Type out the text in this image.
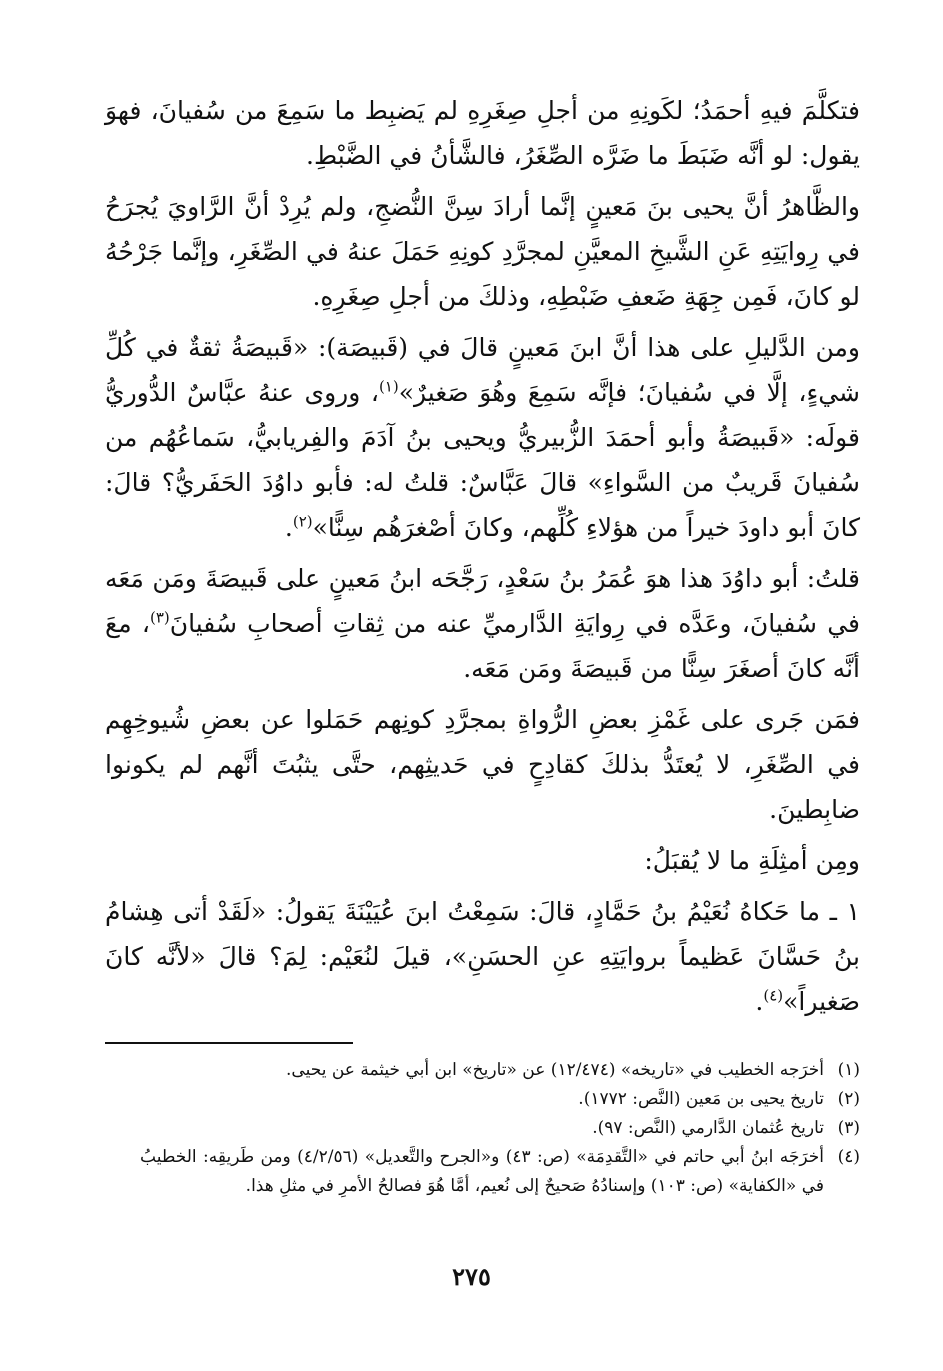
فتكلَّمَ فيهِ أحمَدُ؛ لكَونِهِ من أجلِ صِغَرِهِ لم يَضبِط ما سَمِعَ من سُفيانَ، فهوَ يقول: لو أنَّه ضَبَطَ ما ضَرَّه الصِّغَرُ، فالشَّأنُ في الضَّبْطِ.

والظَّاهرُ أنَّ يحيى بنَ مَعينٍ إنَّما أرادَ سِنَّ النُّضجِ، ولم يُرِدْ أنَّ الرَّاويَ يُجرَحُ في رِوايَتِهِ عَنِ الشَّيخِ المعيَّنِ لمجرَّدِ كونِهِ حَمَلَ عنهُ في الصِّغَرِ، وإنَّما جَرْحُهُ لو كانَ، فَمِن جِهَةِ ضَعفِ ضَبْطِهِ، وذلكَ من أجلِ صِغَرِهِ.

ومن الدَّليلِ على هذا أنَّ ابنَ مَعينٍ قالَ في (قَبيصَة): «قَبيصَةُ ثقةٌ في كُلِّ شيءٍ، إلَّا في سُفيانَ؛ فإنَّه سَمِعَ وهُوَ صَغيرٌ»$^{(١)}$، وروى عنهُ عبَّاسٌ الدُّوريُّ قولَه: «قَبيصَةُ وأبو أحمَدَ الزُّبيريُّ ويحيى بنُ آدَمَ والفِريابيُّ، سَماعُهُم من سُفيانَ قَريبٌ من السَّواءِ» قالَ عَبَّاسٌ: قلتُ له: فأبو داوُدَ الحَفَريُّ؟ قالَ: كانَ أبو داودَ خيراً من هؤلاءِ كُلِّهم، وكانَ أصْغرَهُم سِنًّا»$^{(٢)}$.

قلتُ: أبو داوُدَ هذا هوَ عُمَرُ بنُ سَعْدٍ، رَجَّحَه ابنُ مَعينٍ على قَبيصَةَ ومَن مَعَه في سُفيانَ، وعَدَّه في رِوايَةِ الدَّارميِّ عنه من ثِقاتِ أصحابِ سُفيانَ$^{(٣)}$، معَ أنَّه كانَ أصغَرَ سِنًّا من قَبيصَةَ ومَن مَعَه.

فمَن جَرى على غَمْزِ بعضِ الرُّواةِ بمجرَّدِ كونِهم حَمَلوا عن بعضِ شُيوخِهِم في الصِّغَرِ، لا يُعتَدُّ بذلكَ كقادِحٍ في حَديثِهم، حتَّى يثبُتَ أنَّهم لم يكونوا ضابِطينَ.

ومِن أمثِلَةِ ما لا يُقبَلُ:

١ ـ ما حَكاهُ نُعَيْمُ بنُ حَمَّادٍ، قالَ: سَمِعْتُ ابنَ عُيَيْنَةَ يَقولُ: «لَقَدْ أتى هِشامُ بنُ حَسَّانَ عَظيماً بروايَتِهِ عنِ الحسَنِ»، قيلَ لنُعَيْم: لِمَ؟ قالَ «لأنَّه كانَ صَغيراً»$^{(٤)}$.

(١)
أخرَجه الخطيب في «تاريخه» (١٢/٤٧٤) عن «تاريخ» ابن أبي خيثمة عن يحيى.
(٢)
تاريخ يحيى بن مَعين (النَّص: ١٧٧٢).
(٣)
تاريخ عُثمان الدَّارمي (النَّص: ٩٧).
(٤)
أخرَجَه ابنُ أبي حاتم في «التَّقدِمَة» (ص: ٤٣) و«الجرح والتَّعديل» (٤/٢/٥٦) ومن طَريقِه: الخطيبُ في «الكفاية» (ص: ١٠٣) وإسنادُهُ صَحيحٌ إلى نُعيم، أمَّا هُوَ فصالحُ الأمرِ في مثلِ هذا.
٢٧٥
